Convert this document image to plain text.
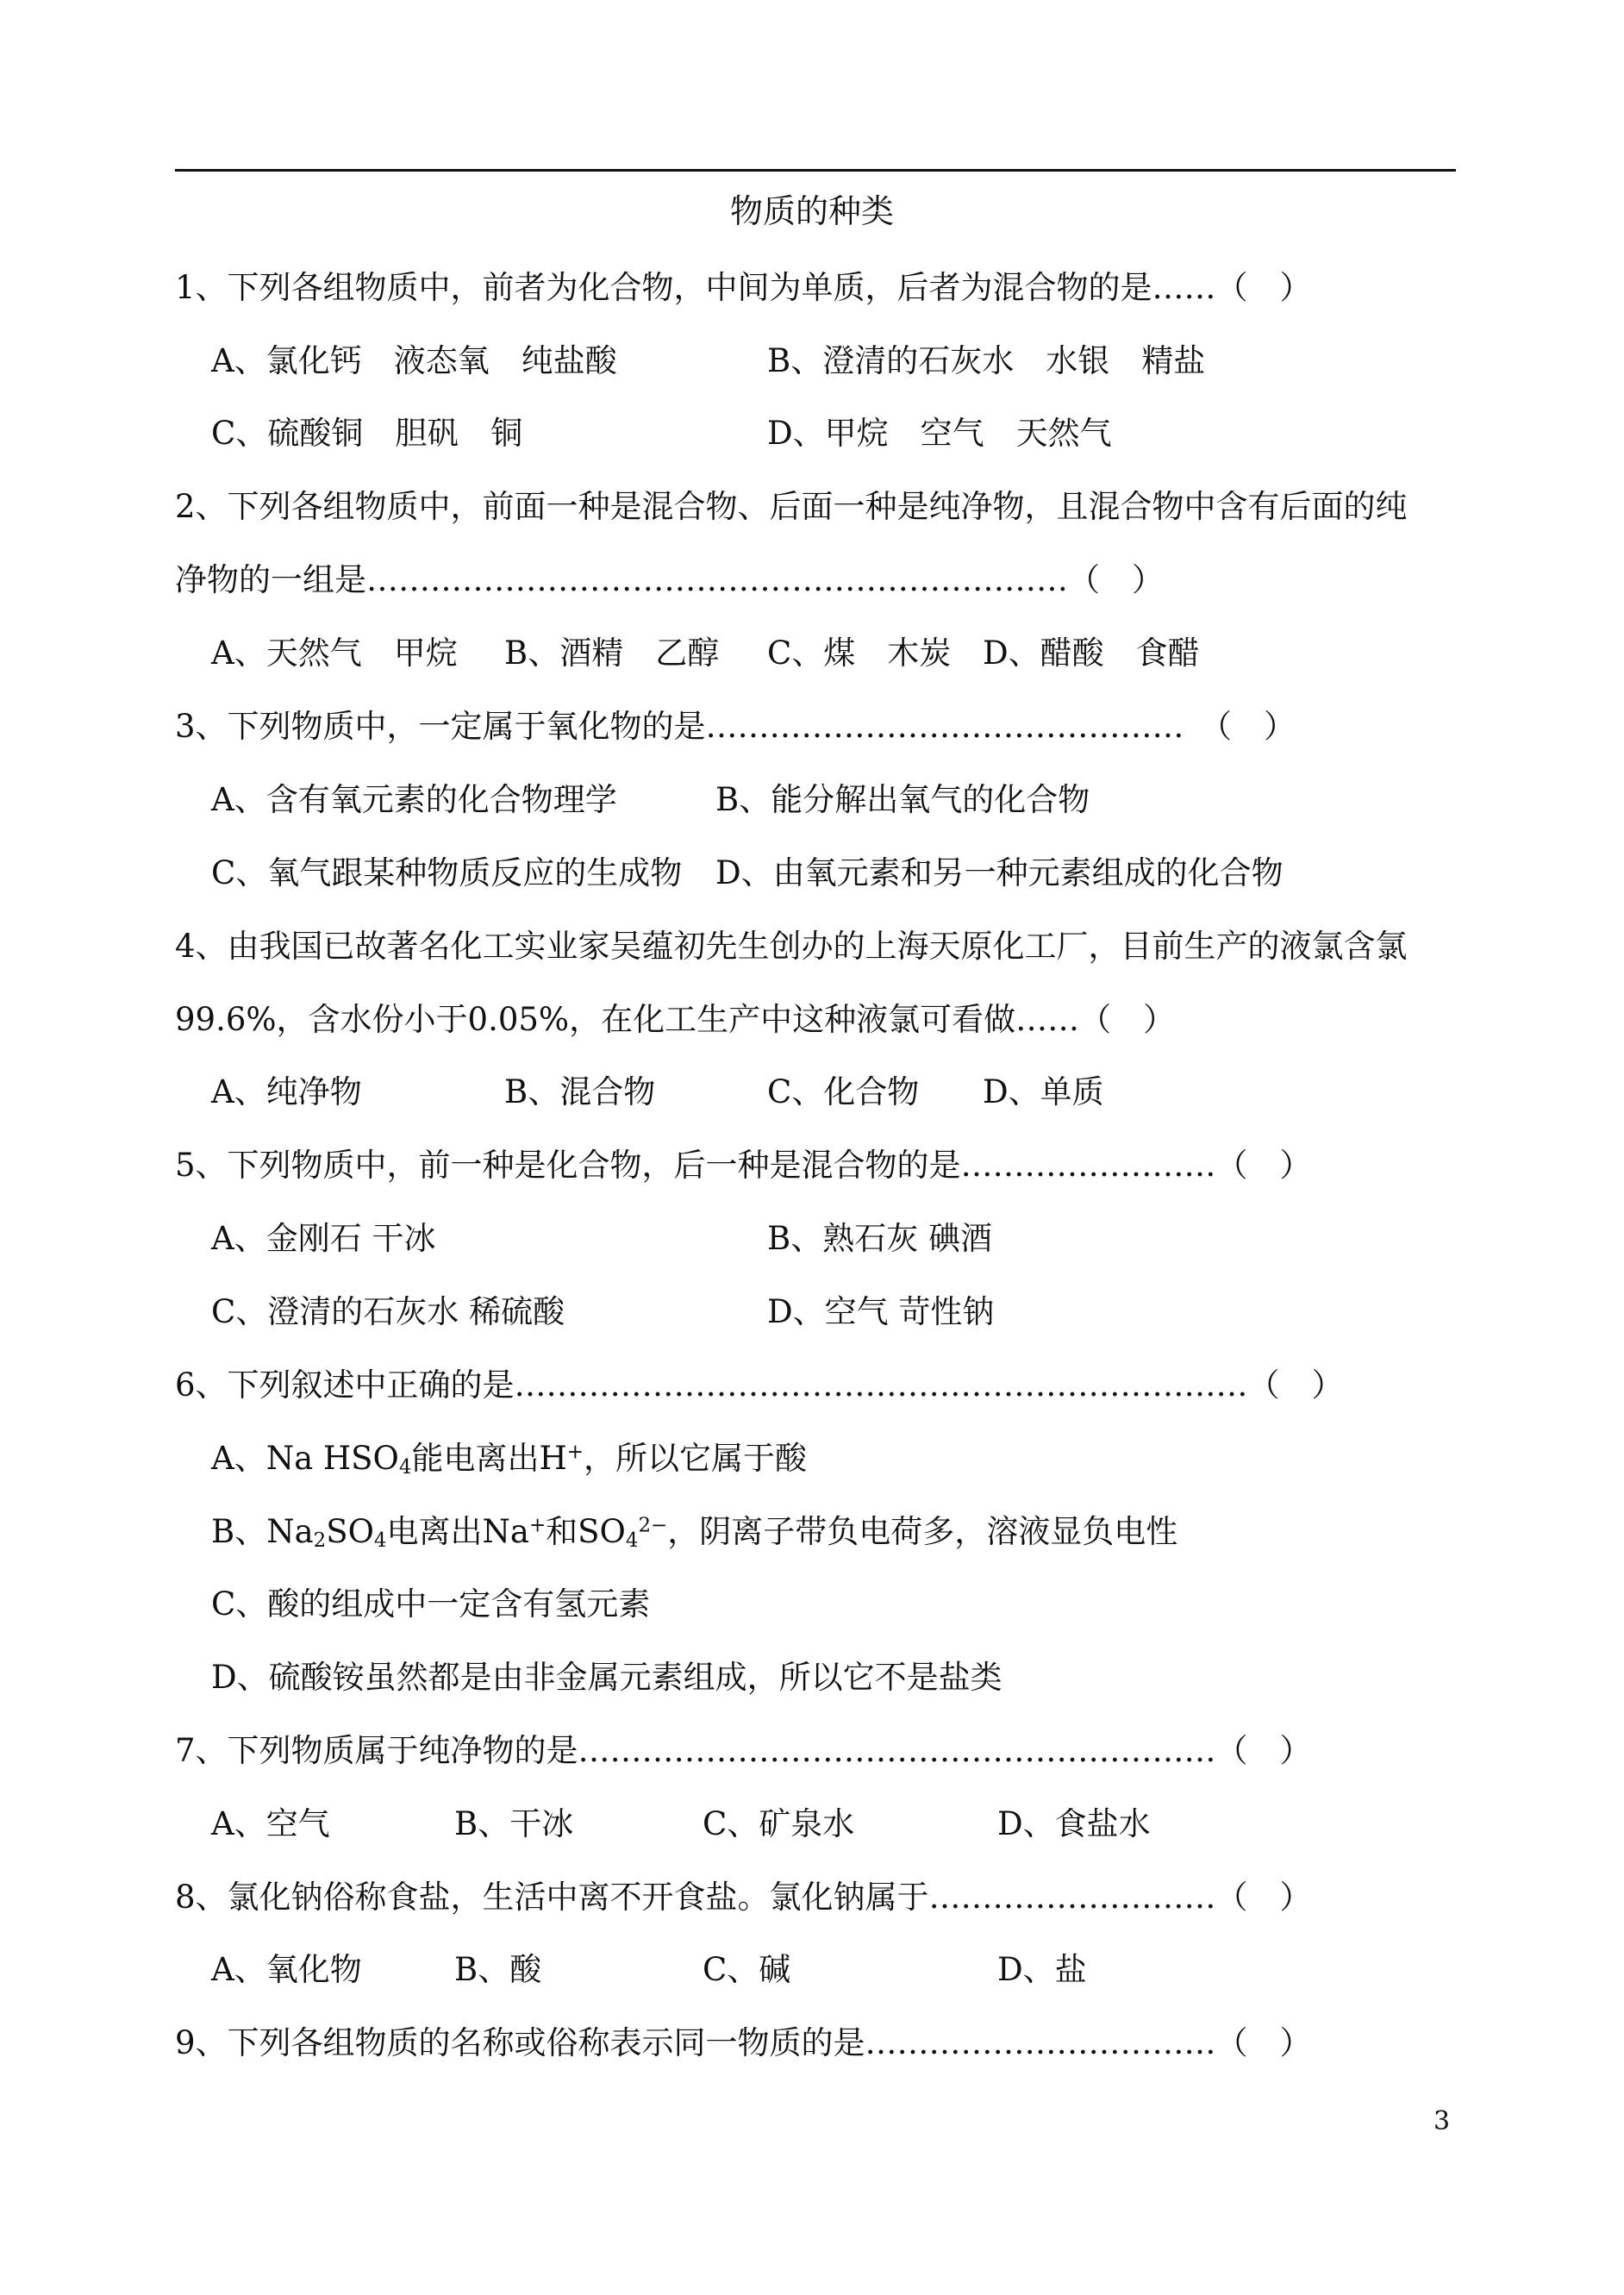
物质的种类
1、下列各组物质中，前者为化合物，中间为单质，后者为混合物的是……（　）
A、氯化钙　液态氧　纯盐酸	B、澄清的石灰水　水银　精盐
C、硫酸铜　胆矾　铜	D、甲烷　空气　天然气
2、下列各组物质中，前面一种是混合物、后面一种是纯净物，且混合物中含有后面的纯
净物的一组是…………………………………………………………（　）
A、天然气　甲烷 B、酒精　乙醇 C、煤　木炭 D、醋酸　食醋
3、下列物质中，一定属于氧化物的是………………………………………　（　）
A、含有氧元素的化合物理学	B、能分解出氧气的化合物
C、氧气跟某种物质反应的生成物 D、由氧元素和另一种元素组成的化合物
4、由我国已故著名化工实业家吴蕴初先生创办的上海天原化工厂，目前生产的液氯含氯
99.6%，含水份小于0.05%，在化工生产中这种液氯可看做……（　）
A、纯净物	B、混合物	C、化合物 D、单质
5、下列物质中，前一种是化合物，后一种是混合物的是……………………（　）
A、金刚石 干冰	B、熟石灰 碘酒
C、澄清的石灰水 稀硫酸	D、空气 苛性钠
6、下列叙述中正确的是……………………………………………………………（　）
A、Na $HSO_4$能电离出H+，所以它属于酸
B、$Na_2SO_4$电离出Na+和$SO_4^{2-}$，阴离子带负电荷多，溶液显负电性
C、酸的组成中一定含有氢元素
D、硫酸铵虽然都是由非金属元素组成，所以它不是盐类
7、下列物质属于纯净物的是……………………………………………………（　）
A、空气	B、干冰	C、矿泉水	D、食盐水
8、氯化钠俗称食盐，生活中离不开食盐。氯化钠属于………………………（　）
A、氧化物	B、酸	C、碱	D、盐
9、下列各组物质的名称或俗称表示同一物质的是……………………………（　）
3
